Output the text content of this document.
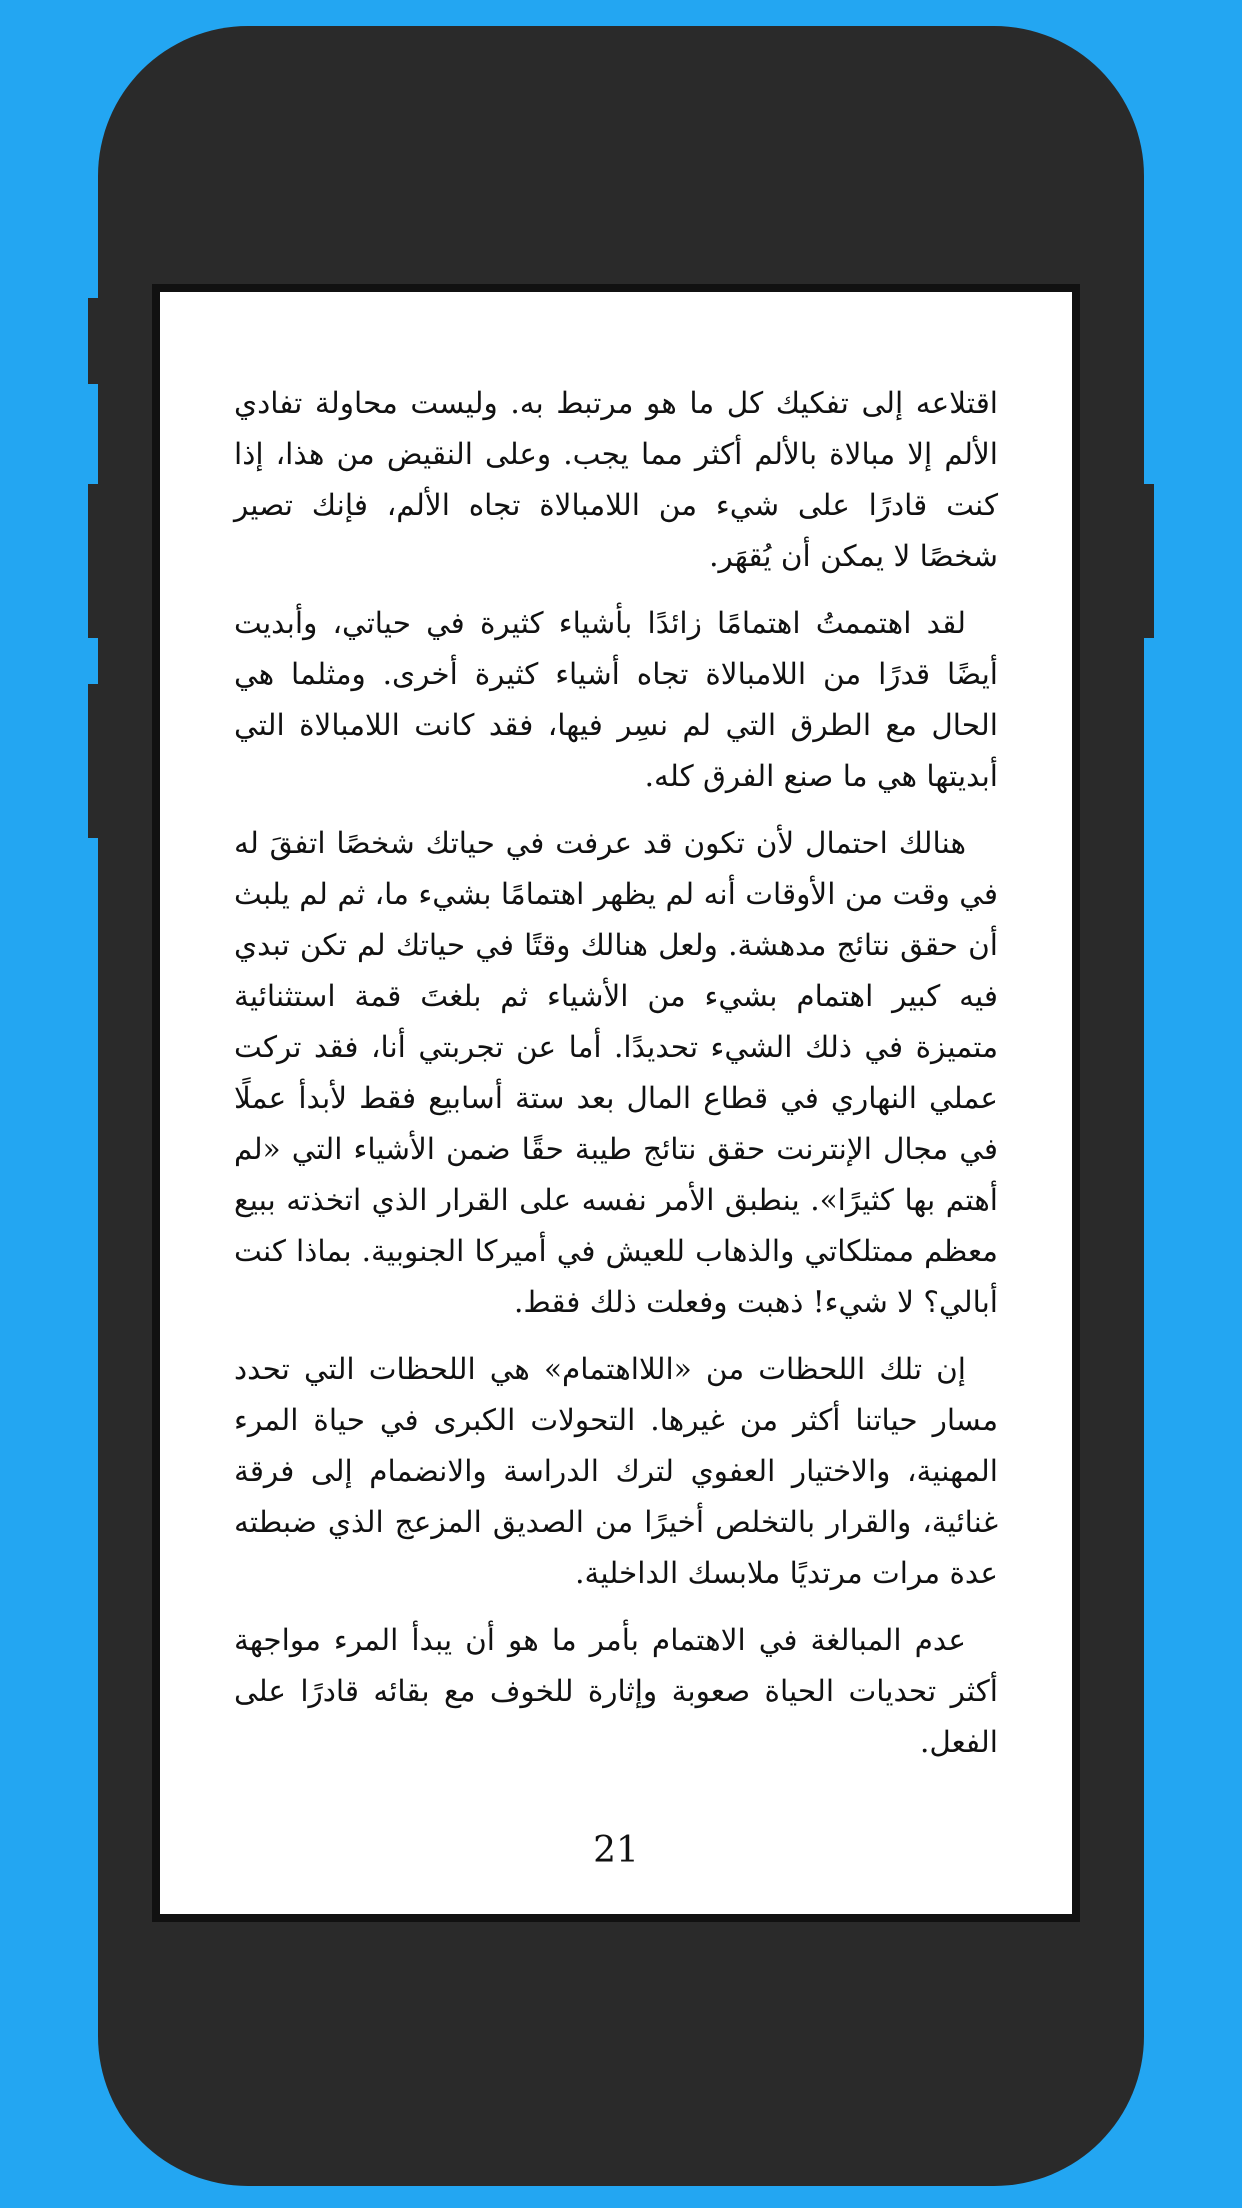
اقتلاعه إلى تفكيك كل ما هو مرتبط به. وليست محاولة تفادي الألم إلا مبالاة بالألم أكثر مما يجب. وعلى النقيض من هذا، إذا كنت قادرًا على شيء من اللامبالاة تجاه الألم، فإنك تصير شخصًا لا يمكن أن يُقهَر.

لقد اهتممتُ اهتمامًا زائدًا بأشياء كثيرة في حياتي، وأبديت أيضًا قدرًا من اللامبالاة تجاه أشياء كثيرة أخرى. ومثلما هي الحال مع الطرق التي لم نسِر فيها، فقد كانت اللامبالاة التي أبديتها هي ما صنع الفرق كله.

هنالك احتمال لأن تكون قد عرفت في حياتك شخصًا اتفقَ له في وقت من الأوقات أنه لم يظهر اهتمامًا بشيء ما، ثم لم يلبث أن حقق نتائج مدهشة. ولعل هنالك وقتًا في حياتك لم تكن تبدي فيه كبير اهتمام بشيء من الأشياء ثم بلغتَ قمة استثنائية متميزة في ذلك الشيء تحديدًا. أما عن تجربتي أنا، فقد تركت عملي النهاري في قطاع المال بعد ستة أسابيع فقط لأبدأ عملًا في مجال الإنترنت حقق نتائج طيبة حقًا ضمن الأشياء التي «لم أهتم بها كثيرًا». ينطبق الأمر نفسه على القرار الذي اتخذته ببيع معظم ممتلكاتي والذهاب للعيش في أميركا الجنوبية. بماذا كنت أبالي؟ لا شيء! ذهبت وفعلت ذلك فقط.

إن تلك اللحظات من «اللااهتمام» هي اللحظات التي تحدد مسار حياتنا أكثر من غيرها. التحولات الكبرى في حياة المرء المهنية، والاختيار العفوي لترك الدراسة والانضمام إلى فرقة غنائية، والقرار بالتخلص أخيرًا من الصديق المزعج الذي ضبطته عدة مرات مرتديًا ملابسك الداخلية.

عدم المبالغة في الاهتمام بأمر ما هو أن يبدأ المرء مواجهة أكثر تحديات الحياة صعوبة وإثارة للخوف مع بقائه قادرًا على الفعل.

21
